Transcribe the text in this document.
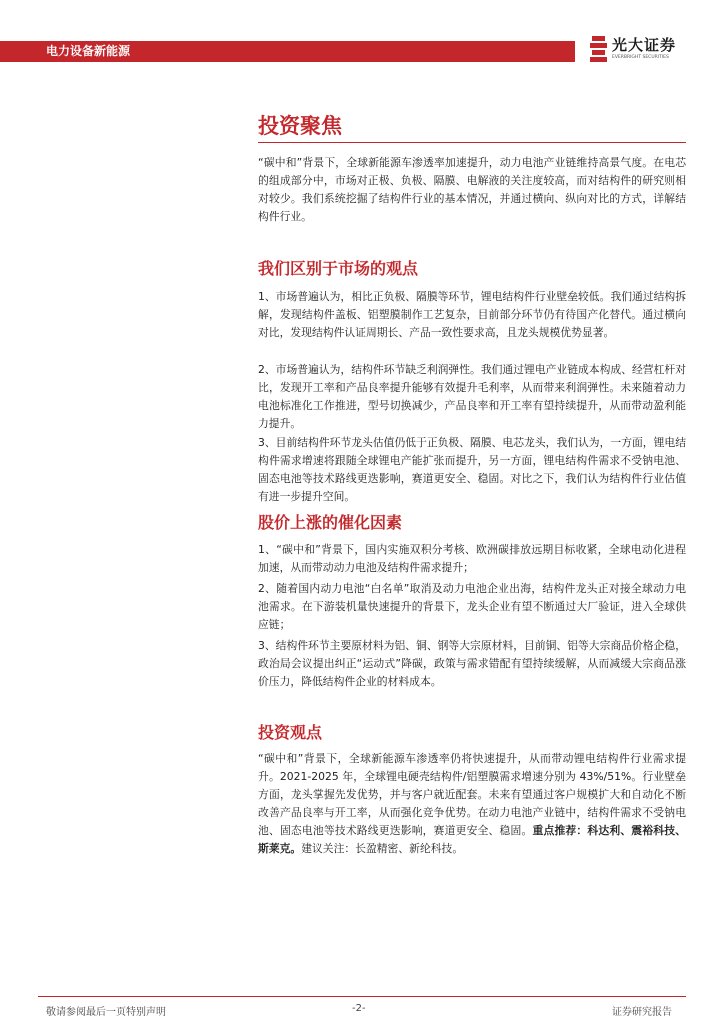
电力设备新能源	光大证券
EVERBRIGHT SECURITIES
投资聚焦

“碳中和”背景下，全球新能源车渗透率加速提升，动力电池产业链维持高景气度。在电芯的组成部分中，市场对正极、负极、隔膜、电解液的关注度较高，而对结构件的研究则相对较少。我们系统挖掘了结构件行业的基本情况，并通过横向、纵向对比的方式，详解结构件行业。

我们区别于市场的观点

1、市场普遍认为，相比正负极、隔膜等环节，锂电结构件行业壁垒较低。我们通过结构拆解，发现结构件盖板、铝塑膜制作工艺复杂，目前部分环节仍有待国产化替代。通过横向对比，发现结构件认证周期长、产品一致性要求高，且龙头规模优势显著。

2、市场普遍认为，结构件环节缺乏利润弹性。我们通过锂电产业链成本构成、经营杠杆对比，发现开工率和产品良率提升能够有效提升毛利率，从而带来利润弹性。未来随着动力电池标准化工作推进，型号切换减少，产品良率和开工率有望持续提升，从而带动盈利能力提升。

3、目前结构件环节龙头估值仍低于正负极、隔膜、电芯龙头，我们认为，一方面，锂电结构件需求增速将跟随全球锂电产能扩张而提升，另一方面，锂电结构件需求不受钠电池、固态电池等技术路线更迭影响，赛道更安全、稳固。对比之下，我们认为结构件行业估值有进一步提升空间。

股价上涨的催化因素

1、“碳中和”背景下，国内实施双积分考核、欧洲碳排放远期目标收紧，全球电动化进程加速，从而带动动力电池及结构件需求提升；

2、随着国内动力电池“白名单”取消及动力电池企业出海，结构件龙头正对接全球动力电池需求。在下游装机量快速提升的背景下，龙头企业有望不断通过大厂验证，进入全球供应链；

3、结构件环节主要原材料为铝、铜、钢等大宗原材料，目前铜、铝等大宗商品价格企稳，政治局会议提出纠正“运动式”降碳，政策与需求错配有望持续缓解，从而减缓大宗商品涨价压力，降低结构件企业的材料成本。

投资观点

“碳中和”背景下，全球新能源车渗透率仍将快速提升，从而带动锂电结构件行业需求提升。2021-2025 年，全球锂电硬壳结构件/铝塑膜需求增速分别为 43%/51%。行业壁垒方面，龙头掌握先发优势，并与客户就近配套。未来有望通过客户规模扩大和自动化不断改善产品良率与开工率，从而强化竞争优势。在动力电池产业链中，结构件需求不受钠电池、固态电池等技术路线更迭影响，赛道更安全、稳固。重点推荐：科达利、震裕科技、斯莱克。建议关注：长盈精密、新纶科技。

敬请参阅最后一页特别声明	-2-	证券研究报告
